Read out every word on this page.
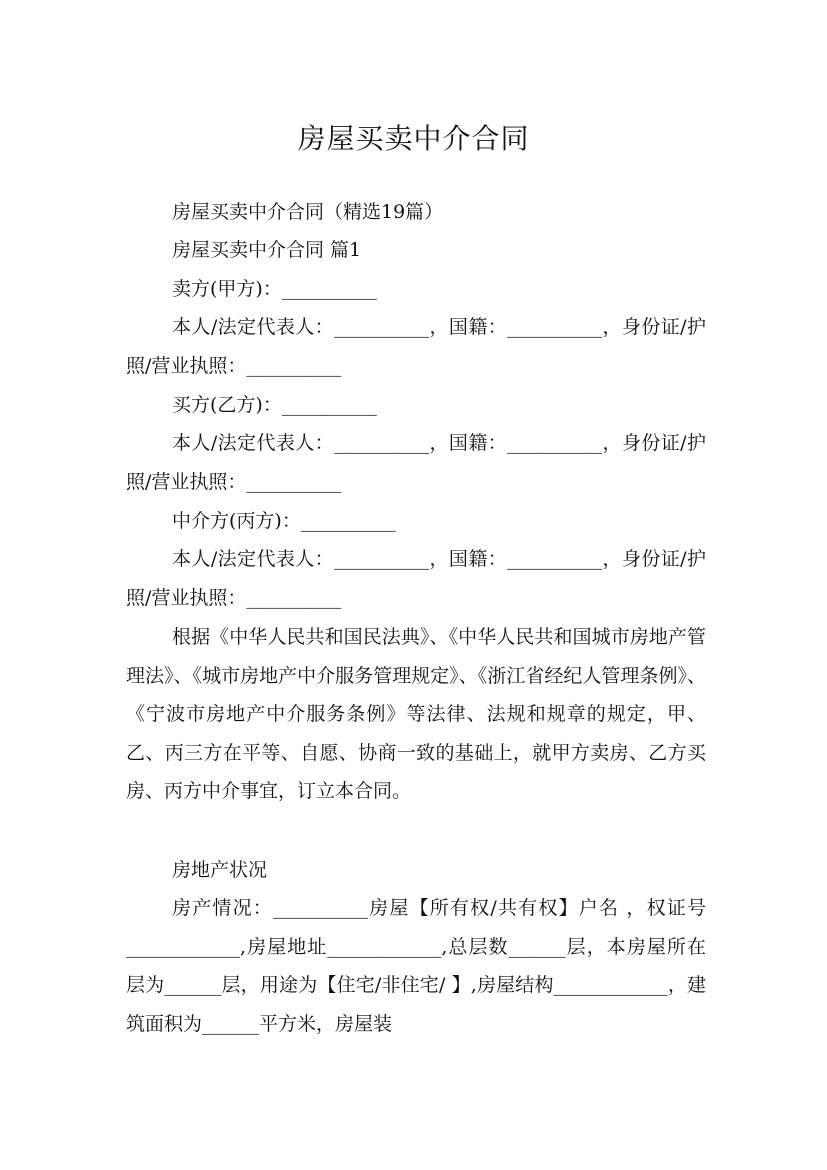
房屋买卖中介合同

房屋买卖中介合同（精选19篇）

房屋买卖中介合同 篇1

卖方(甲方)：__________

本人/法定代表人：__________，国籍：__________，身份证/护照/营业执照：__________

买方(乙方)：__________

本人/法定代表人：__________，国籍：__________，身份证/护照/营业执照：__________

中介方(丙方)：__________

本人/法定代表人：__________，国籍：__________，身份证/护照/营业执照：__________

根据《中华人民共和国民法典》、《中华人民共和国城市房地产管理法》、《城市房地产中介服务管理规定》、《浙江省经纪人管理条例》、《宁波市房地产中介服务条例》等法律、法规和规章的规定，甲、乙、丙三方在平等、自愿、协商一致的基础上，就甲方卖房、乙方买房、丙方中介事宜，订立本合同。

房地产状况

房产情况：__________房屋【所有权/共有权】户名 ，权证号____________,房屋地址____________,总层数______层，本房屋所在层为______层，用途为【住宅/非住宅/ 】,房屋结构____________，建筑面积为______平方米，房屋装
